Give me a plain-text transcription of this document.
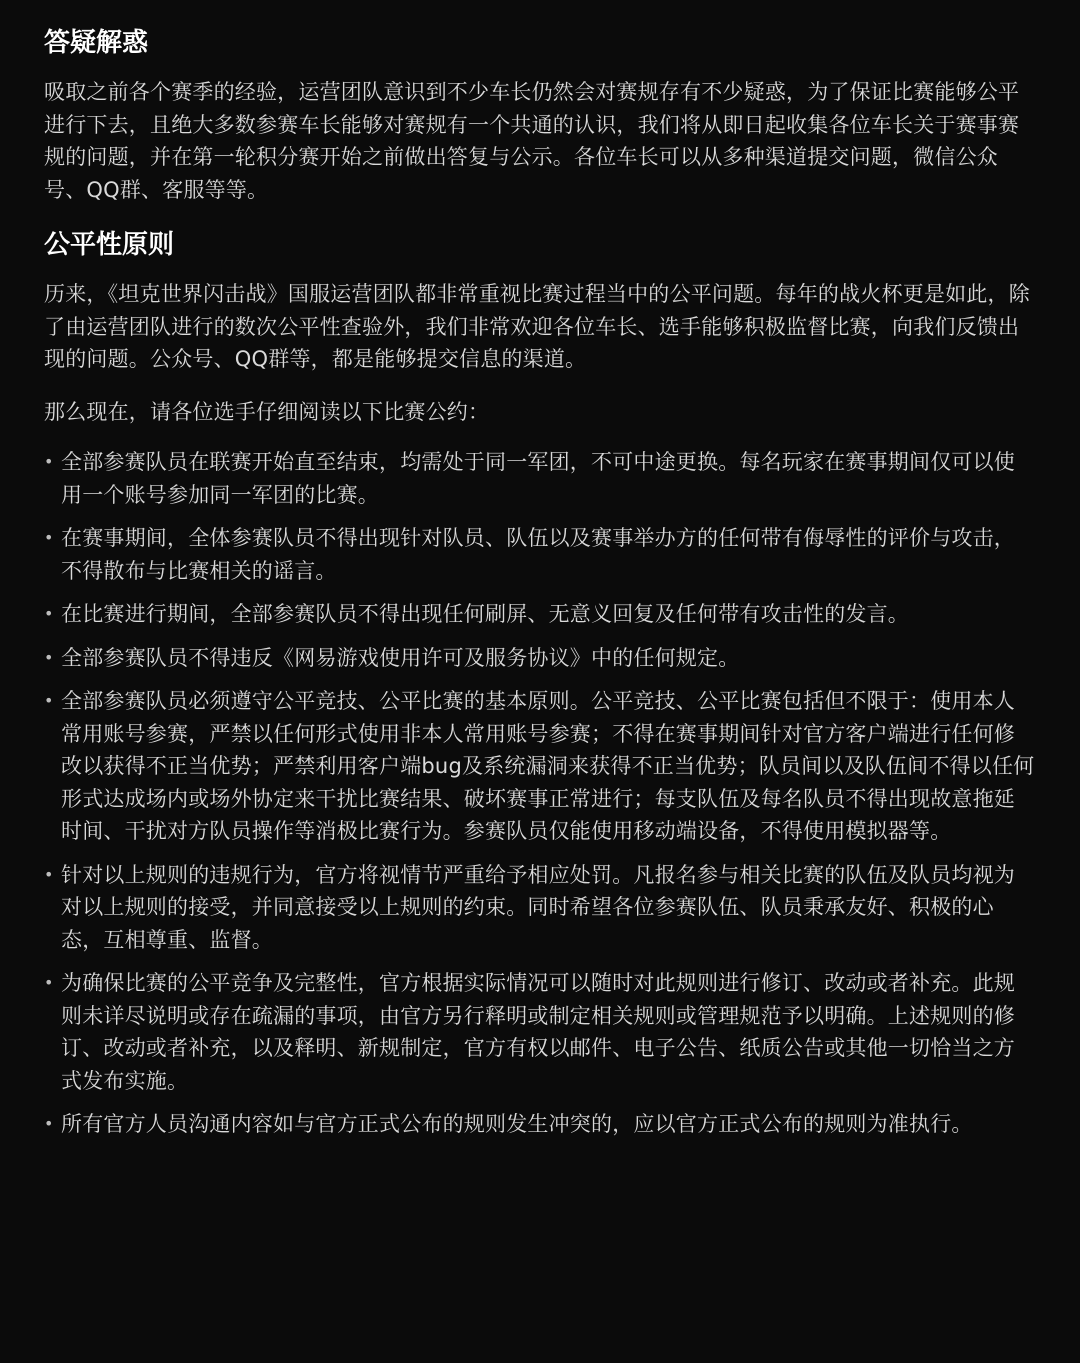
答疑解惑

吸取之前各个赛季的经验，运营团队意识到不少车长仍然会对赛规存有不少疑惑，为了保证比赛能够公平进行下去，且绝大多数参赛车长能够对赛规有一个共通的认识，我们将从即日起收集各位车长关于赛事赛规的问题，并在第一轮积分赛开始之前做出答复与公示。各位车长可以从多种渠道提交问题，微信公众号、QQ群、客服等等。

公平性原则

历来，《坦克世界闪击战》国服运营团队都非常重视比赛过程当中的公平问题。每年的战火杯更是如此，除了由运营团队进行的数次公平性查验外，我们非常欢迎各位车长、选手能够积极监督比赛，向我们反馈出现的问题。公众号、QQ群等，都是能够提交信息的渠道。

那么现在，请各位选手仔细阅读以下比赛公约：

• 全部参赛队员在联赛开始直至结束，均需处于同一军团，不可中途更换。每名玩家在赛事期间仅可以使用一个账号参加同一军团的比赛。
• 在赛事期间，全体参赛队员不得出现针对队员、队伍以及赛事举办方的任何带有侮辱性的评价与攻击，不得散布与比赛相关的谣言。
• 在比赛进行期间，全部参赛队员不得出现任何刷屏、无意义回复及任何带有攻击性的发言。
• 全部参赛队员不得违反《网易游戏使用许可及服务协议》中的任何规定。
• 全部参赛队员必须遵守公平竞技、公平比赛的基本原则。公平竞技、公平比赛包括但不限于：使用本人常用账号参赛，严禁以任何形式使用非本人常用账号参赛；不得在赛事期间针对官方客户端进行任何修改以获得不正当优势；严禁利用客户端bug及系统漏洞来获得不正当优势；队员间以及队伍间不得以任何形式达成场内或场外协定来干扰比赛结果、破坏赛事正常进行；每支队伍及每名队员不得出现故意拖延时间、干扰对方队员操作等消极比赛行为。参赛队员仅能使用移动端设备，不得使用模拟器等。
• 针对以上规则的违规行为，官方将视情节严重给予相应处罚。凡报名参与相关比赛的队伍及队员均视为对以上规则的接受，并同意接受以上规则的约束。同时希望各位参赛队伍、队员秉承友好、积极的心态，互相尊重、监督。
• 为确保比赛的公平竞争及完整性，官方根据实际情况可以随时对此规则进行修订、改动或者补充。此规则未详尽说明或存在疏漏的事项，由官方另行释明或制定相关规则或管理规范予以明确。上述规则的修订、改动或者补充，以及释明、新规制定，官方有权以邮件、电子公告、纸质公告或其他一切恰当之方式发布实施。
• 所有官方人员沟通内容如与官方正式公布的规则发生冲突的，应以官方正式公布的规则为准执行。
